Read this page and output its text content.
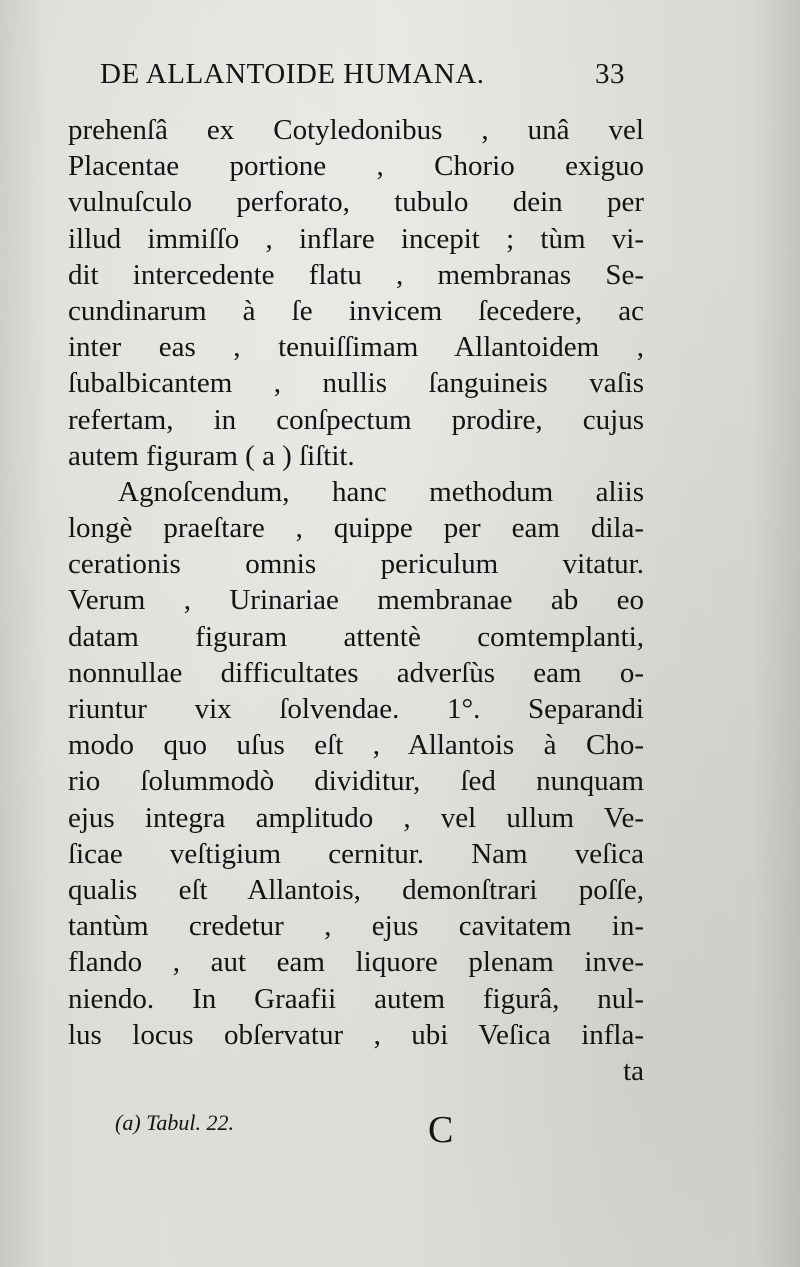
DE ALLANTOIDE HUMANA.	33
prehenſâ ex Cotyledonibus , unâ vel
Placentae portione , Chorio exiguo
vulnuſculo perforato, tubulo dein per
illud immiſſo , inflare incepit ; tùm vi-
dit intercedente flatu , membranas Se-
cundinarum à ſe invicem ſecedere, ac
inter eas , tenuiſſimam Allantoidem ,
ſubalbicantem , nullis ſanguineis vaſis
refertam, in conſpectum prodire, cujus
autem figuram ( a ) ſiſtit.
Agnoſcendum, hanc methodum aliis
longè praeſtare , quippe per eam dila-
cerationis omnis periculum vitatur.
Verum , Urinariae membranae ab eo
datam figuram attentè comtemplanti,
nonnullae difficultates adverſùs eam o-
riuntur vix ſolvendae. 1°. Separandi
modo quo uſus eſt , Allantois à Cho-
rio ſolummodò dividitur, ſed nunquam
ejus integra amplitudo , vel ullum Ve-
ſicae veſtigium cernitur. Nam veſica
qualis eſt Allantois, demonſtrari poſſe,
tantùm credetur , ejus cavitatem in-
flando , aut eam liquore plenam inve-
niendo. In Graafii autem figurâ, nul-
lus locus obſervatur , ubi Veſica infla-
ta
(a) Tabul. 22.	C
